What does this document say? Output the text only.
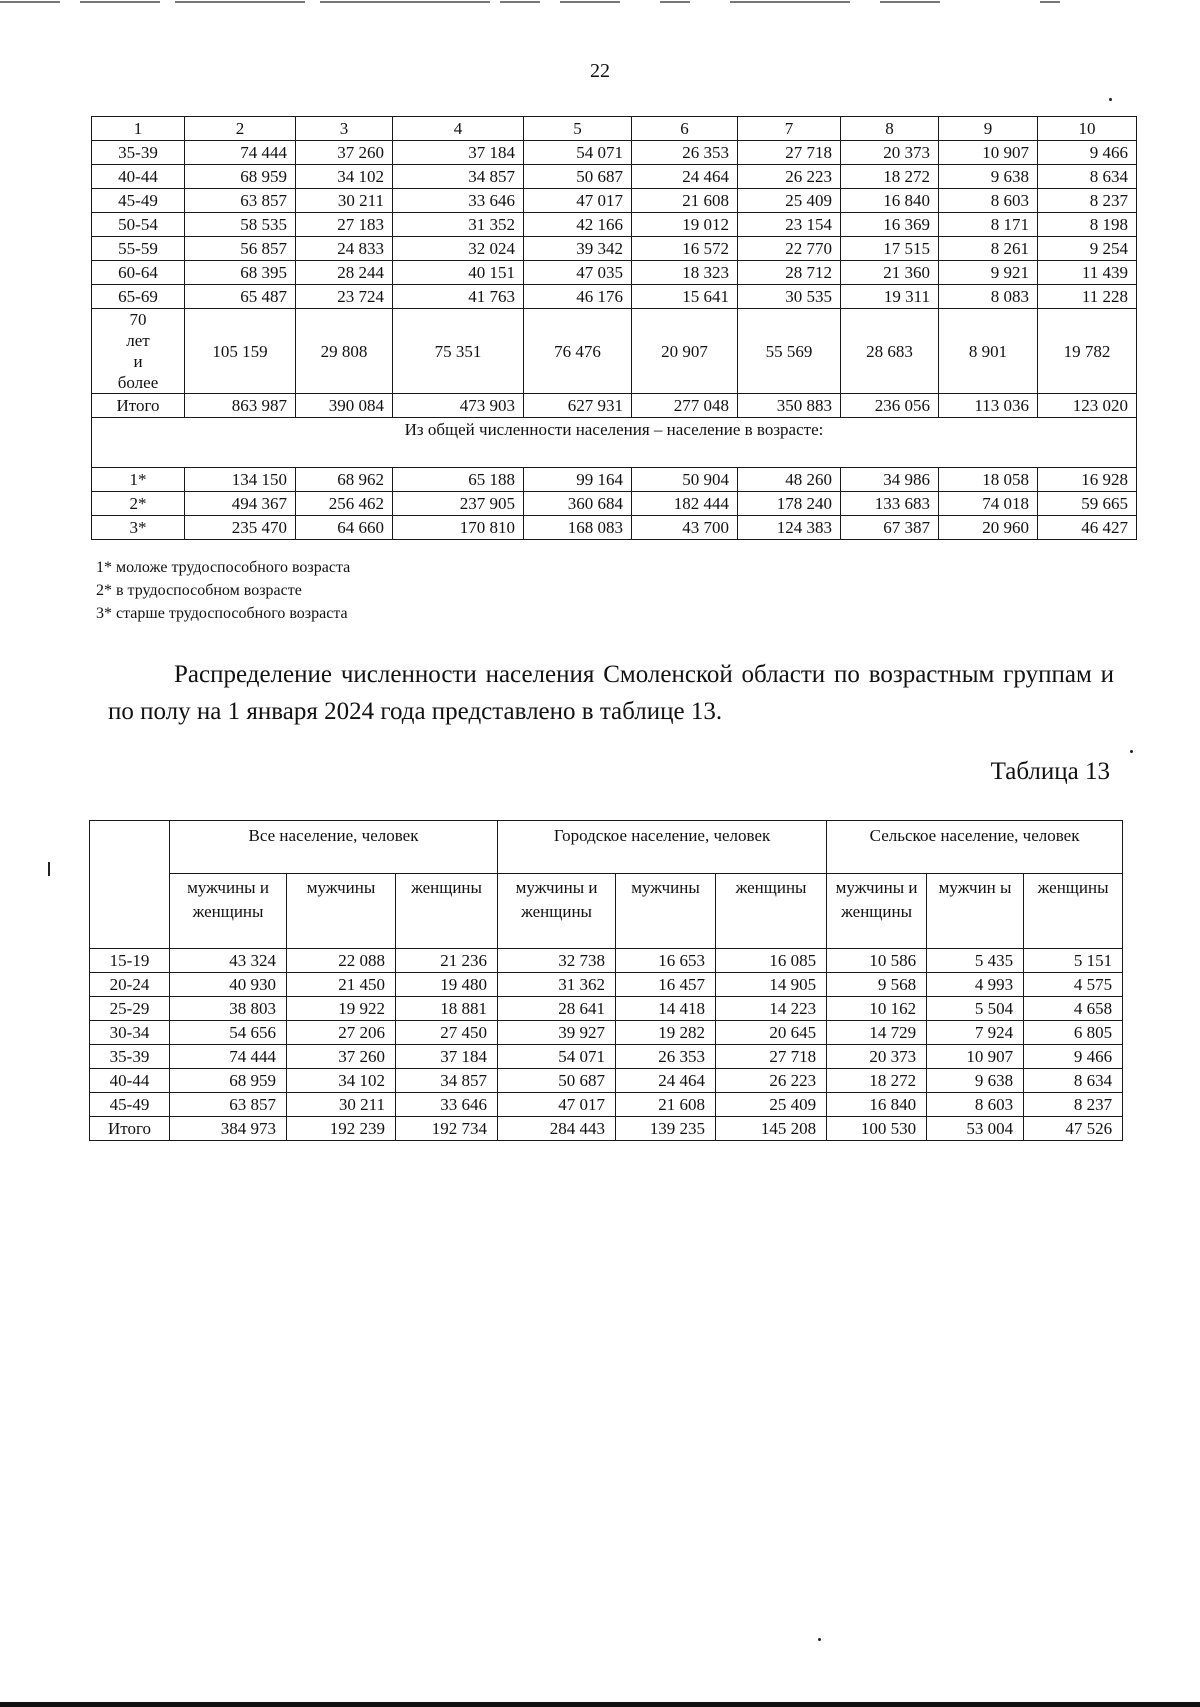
22
1	2	3	4	5	6	7	8	9	10
35-39	74 444	37 260	37 184	54 071	26 353	27 718	20 373	10 907	9 466
40-44	68 959	34 102	34 857	50 687	24 464	26 223	18 272	9 638	8 634
45-49	63 857	30 211	33 646	47 017	21 608	25 409	16 840	8 603	8 237
50-54	58 535	27 183	31 352	42 166	19 012	23 154	16 369	8 171	8 198
55-59	56 857	24 833	32 024	39 342	16 572	22 770	17 515	8 261	9 254
60-64	68 395	28 244	40 151	47 035	18 323	28 712	21 360	9 921	11 439
65-69	65 487	23 724	41 763	46 176	15 641	30 535	19 311	8 083	11 228
70
лет
и
более	105 159	29 808	75 351	76 476	20 907	55 569	28 683	8 901	19 782
Итого	863 987	390 084	473 903	627 931	277 048	350 883	236 056	113 036	123 020
Из общей численности населения – население в возрасте:									
1*	134 150	68 962	65 188	99 164	50 904	48 260	34 986	18 058	16 928
2*	494 367	256 462	237 905	360 684	182 444	178 240	133 683	74 018	59 665
3*	235 470	64 660	170 810	168 083	43 700	124 383	67 387	20 960	46 427
1* моложе трудоспособного возраста
2* в трудоспособном возрасте
3* старше трудоспособного возраста
Распределение численности населения Смоленской области по возрастным группам и по полу на 1 января 2024 года представлено в таблице 13.
Таблица 13
	Все население, человек			Городское население, человек			Сельское население, человек		
	мужчины и женщины	мужчины	женщины	мужчины и женщины	мужчины	женщины	мужчины и женщины	мужчин ы	женщины
15-19	43 324	22 088	21 236	32 738	16 653	16 085	10 586	5 435	5 151
20-24	40 930	21 450	19 480	31 362	16 457	14 905	9 568	4 993	4 575
25-29	38 803	19 922	18 881	28 641	14 418	14 223	10 162	5 504	4 658
30-34	54 656	27 206	27 450	39 927	19 282	20 645	14 729	7 924	6 805
35-39	74 444	37 260	37 184	54 071	26 353	27 718	20 373	10 907	9 466
40-44	68 959	34 102	34 857	50 687	24 464	26 223	18 272	9 638	8 634
45-49	63 857	30 211	33 646	47 017	21 608	25 409	16 840	8 603	8 237
Итого	384 973	192 239	192 734	284 443	139 235	145 208	100 530	53 004	47 526
